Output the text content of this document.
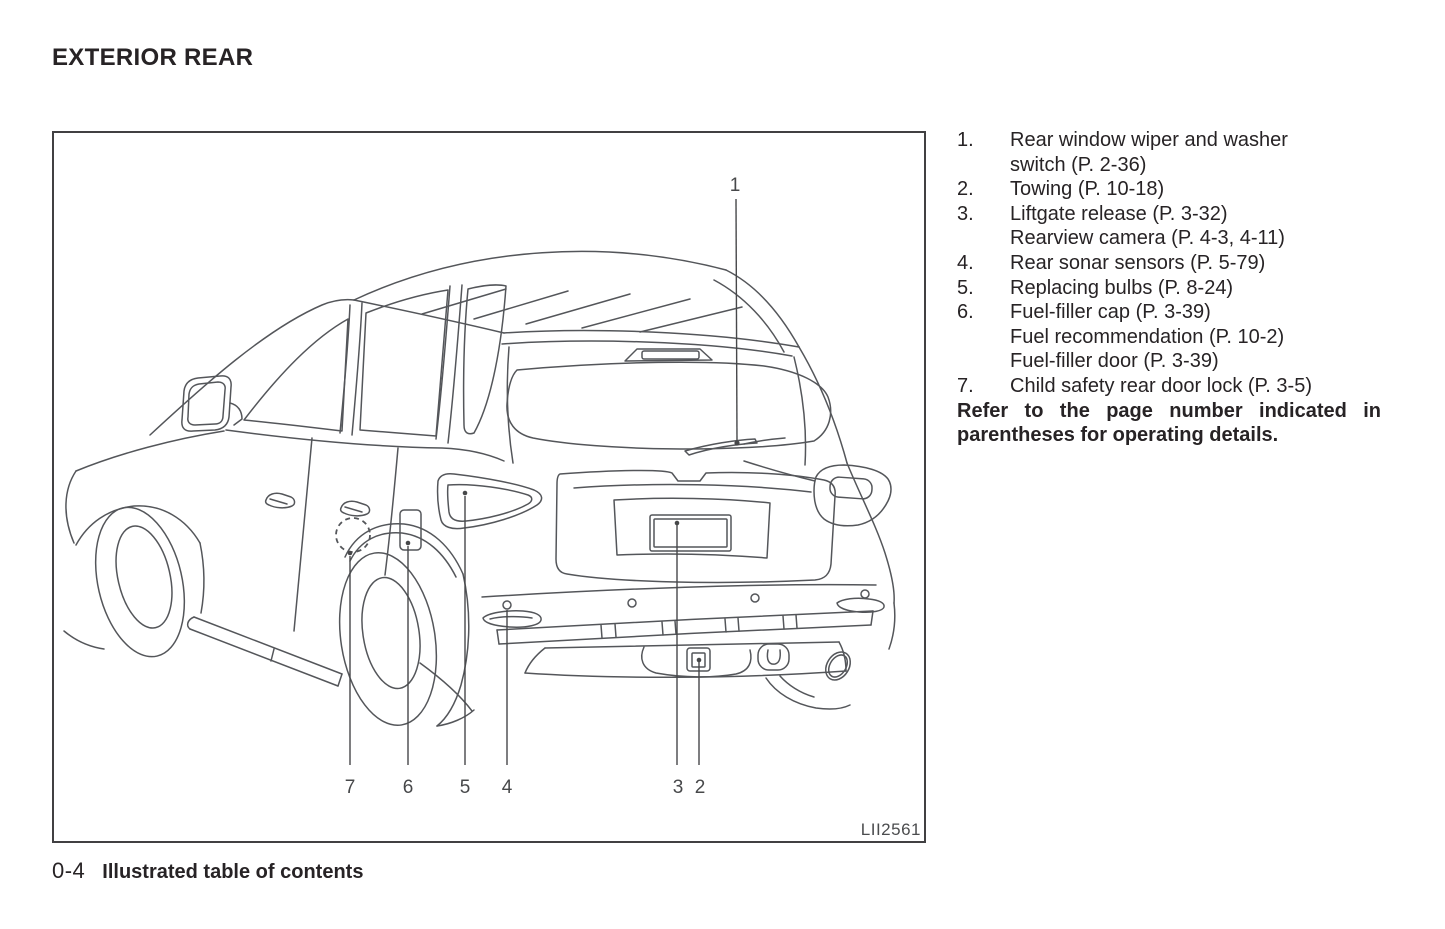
EXTERIOR REAR
1
7 6 5 4	3 2
LII2561
1.	Rear window wiper and washer
switch (P. 2-36)
2.	Towing (P. 10-18)
3.	Liftgate release (P. 3-32)
Rearview camera (P. 4-3, 4-11)
4.	Rear sonar sensors (P. 5-79)
5.	Replacing bulbs (P. 8-24)
6.	Fuel-filler cap (P. 3-39)
Fuel recommendation (P. 10-2)
Fuel-filler door (P. 3-39)
7.	Child safety rear door lock (P. 3-5)

Refer to the page number indicated in parentheses for operating details.

0-4 Illustrated table of contents
